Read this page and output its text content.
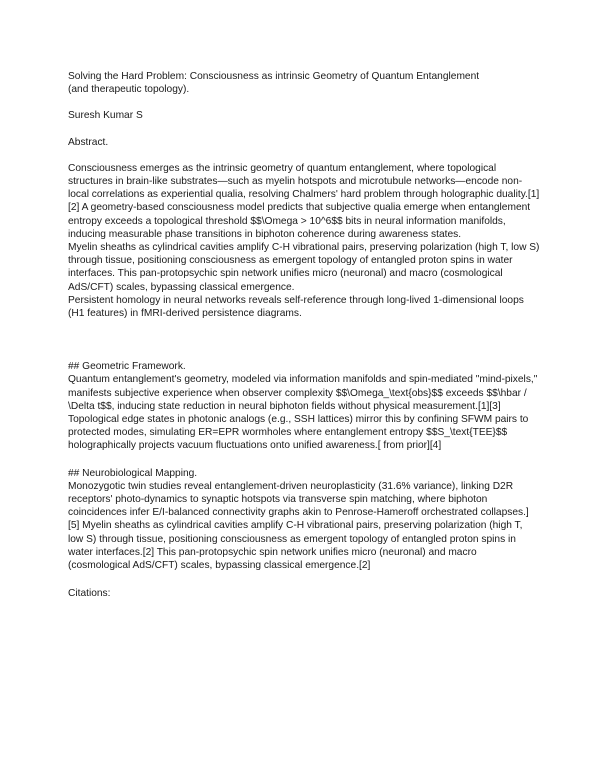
Solving the Hard Problem: Consciousness as intrinsic Geometry of Quantum Entanglement
(and therapeutic topology).
Suresh Kumar S
Abstract.

Consciousness emerges as the intrinsic geometry of quantum entanglement, where topological structures in brain-like substrates—such as myelin hotspots and microtubule networks—encode non-local correlations as experiential qualia, resolving Chalmers' hard problem through holographic duality.[1][2] A geometry-based consciousness model predicts that subjective qualia emerge when entanglement entropy exceeds a topological threshold $$\Omega > 10^6$$ bits in neural information manifolds, inducing measurable phase transitions in biphoton coherence during awareness states.

Myelin sheaths as cylindrical cavities amplify C-H vibrational pairs, preserving polarization (high T, low S) through tissue, positioning consciousness as emergent topology of entangled proton spins in water interfaces. This pan-protopsychic spin network unifies micro (neuronal) and macro (cosmological AdS/CFT) scales, bypassing classical emergence.

Persistent homology in neural networks reveals self-reference through long-lived 1-dimensional loops (H1 features) in fMRI-derived persistence diagrams.

## Geometric Framework.

Quantum entanglement's geometry, modeled via information manifolds and spin-mediated "mind-pixels," manifests subjective experience when observer complexity $$\Omega_\text{obs}$$ exceeds $$\hbar / \Delta t$$, inducing state reduction in neural biphoton fields without physical measurement.[1][3] Topological edge states in photonic analogs (e.g., SSH lattices) mirror this by confining SFWM pairs to protected modes, simulating ER=EPR wormholes where entanglement entropy $$S_\text{TEE}$$ holographically projects vacuum fluctuations onto unified awareness.[ from prior][4]

## Neurobiological Mapping.

Monozygotic twin studies reveal entanglement-driven neuroplasticity (31.6% variance), linking D2R receptors' photo-dynamics to synaptic hotspots via transverse spin matching, where biphoton coincidences infer E/I-balanced connectivity graphs akin to Penrose-Hameroff orchestrated collapses.][5] Myelin sheaths as cylindrical cavities amplify C-H vibrational pairs, preserving polarization (high T, low S) through tissue, positioning consciousness as emergent topology of entangled proton spins in water interfaces.[2] This pan-protopsychic spin network unifies micro (neuronal) and macro (cosmological AdS/CFT) scales, bypassing classical emergence.[2]

Citations:
